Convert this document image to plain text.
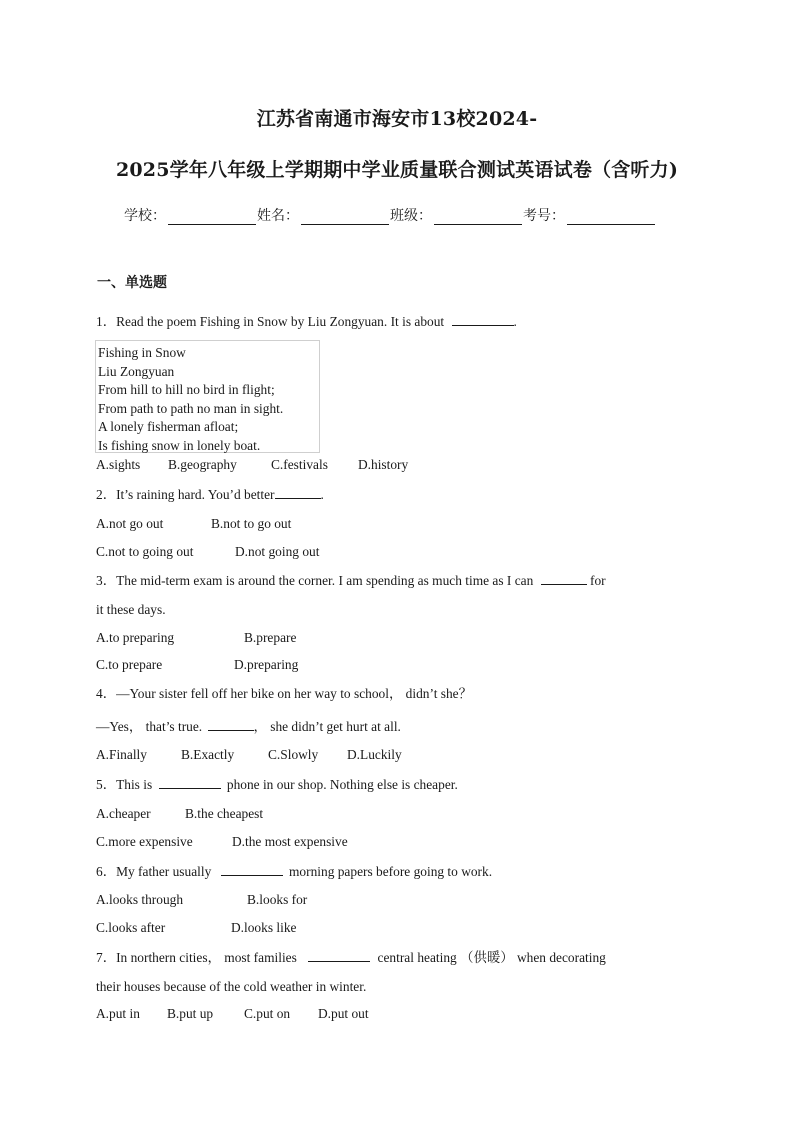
江苏省南通市海安市13校2024-
2025学年八年级上学期期中学业质量联合测试英语试卷（含听力)
学校：	姓名：	班级：	考号：
一、单选题
1．Read the poem Fishing in Snow by Liu Zongyuan. It is about	.
Fishing in Snow
Liu Zongyuan
From hill to hill no bird in flight;
From path to path no man in sight.
A lonely fisherman afloat;
Is fishing snow in lonely boat.
A.sights B.geography	C.festivals D.history
2．It’s raining hard. You’d better	.
A.not go out	B.not to go out
C.not to going out	D.not going out
3．The mid-term exam is around the corner. I am spending as much time as I can	for
it these days.
A.to preparing	B.prepare
C.to prepare	D.preparing
4．—Your sister fell off her bike on her way to school， didn’t she？
—Yes， that’s true.	， she didn’t get hurt at all.
A.Finally	B.Exactly	C.Slowly D.Luckily
5．This is	phone in our shop. Nothing else is cheaper.
A.cheaper	B.the cheapest
C.more expensive	D.the most expensive
6．My father usually	morning papers before going to work.
A.looks through	B.looks for
C.looks after	D.looks like
7．In northern cities， most families	central heating （供暖） when decorating
their houses because of the cold weather in winter.
A.put in B.put up C.put on D.put out
